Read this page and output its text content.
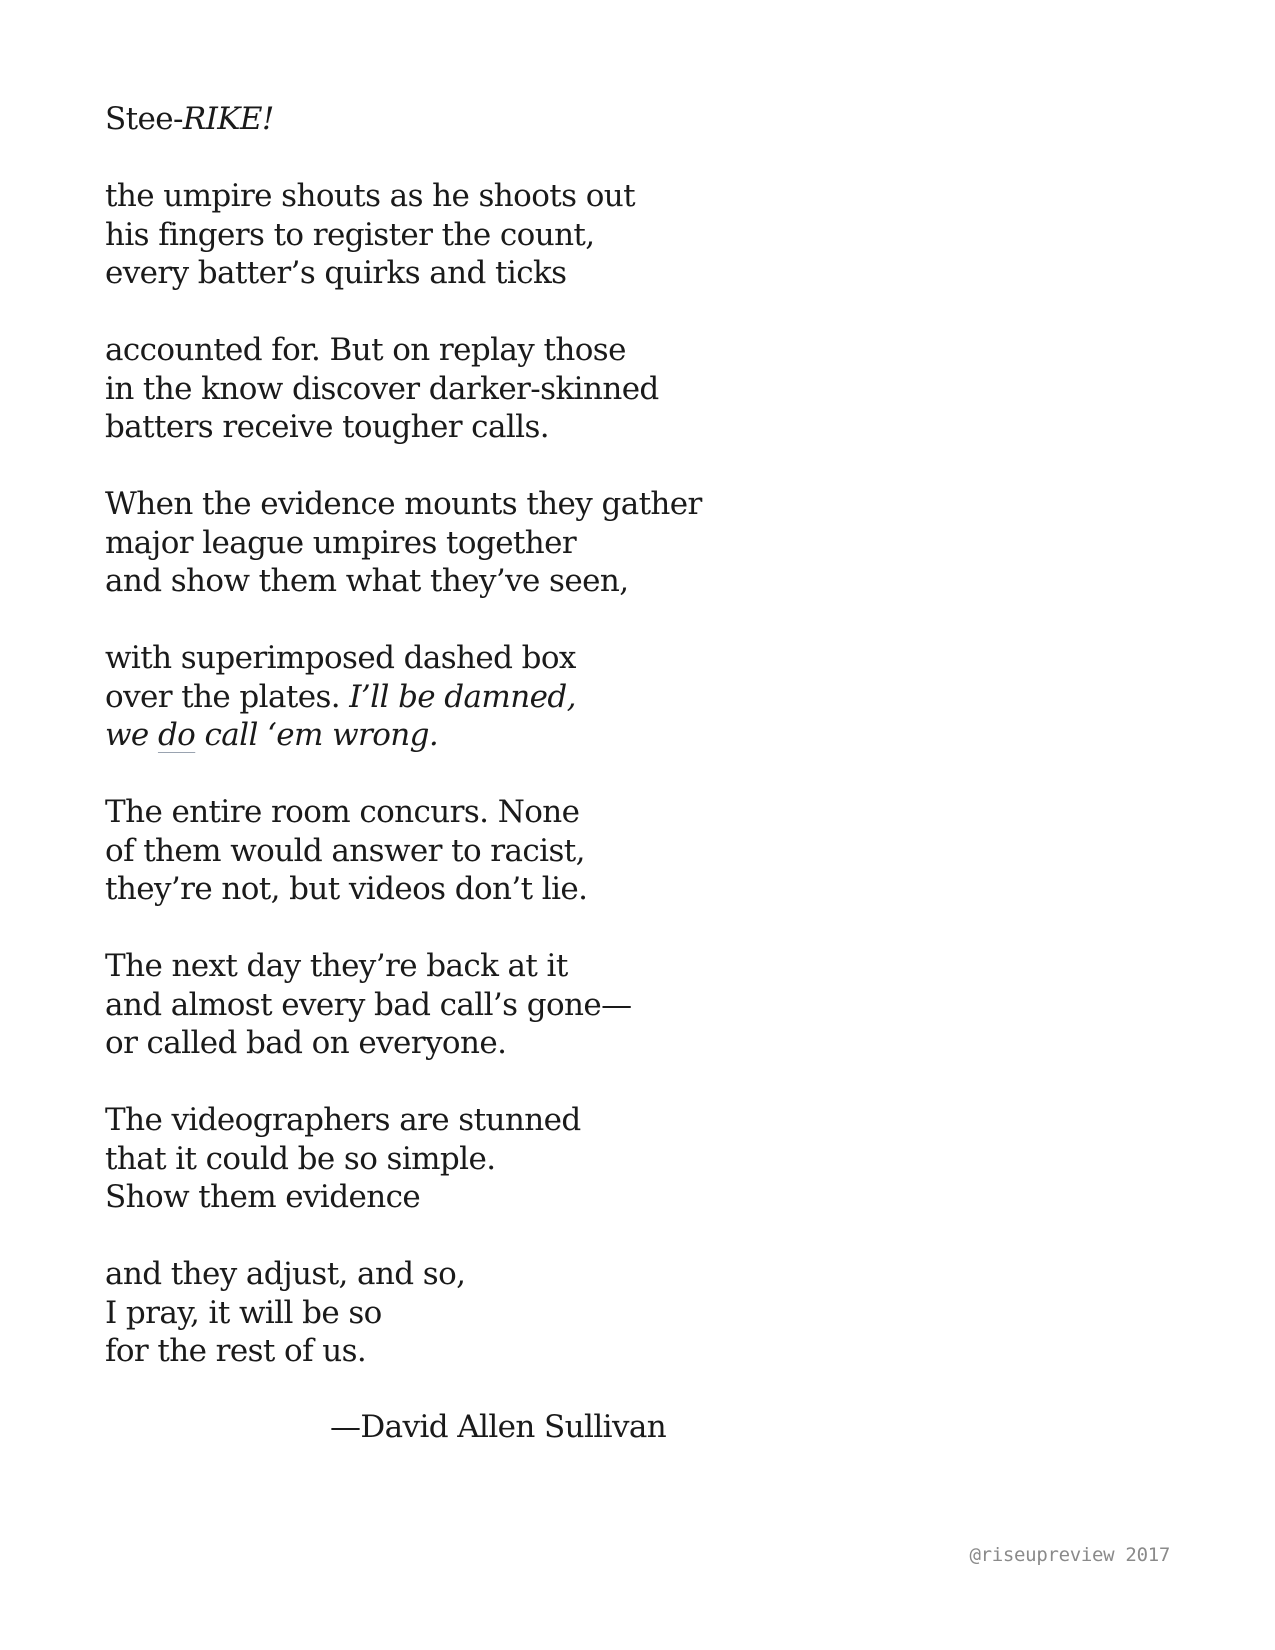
Stee-RIKE!
the umpire shouts as he shoots out
his fingers to register the count,
every batter’s quirks and ticks
accounted for. But on replay those
in the know discover darker-skinned
batters receive tougher calls.
When the evidence mounts they gather
major league umpires together
and show them what they’ve seen,
with superimposed dashed box
over the plates. I’ll be damned,
we do call ‘em wrong.
The entire room concurs. None
of them would answer to racist,
they’re not, but videos don’t lie.
The next day they’re back at it
and almost every bad call’s gone—
or called bad on everyone.
The videographers are stunned
that it could be so simple.
Show them evidence
and they adjust, and so,
I pray, it will be so
for the rest of us.
—David Allen Sullivan
@riseupreview 2017
